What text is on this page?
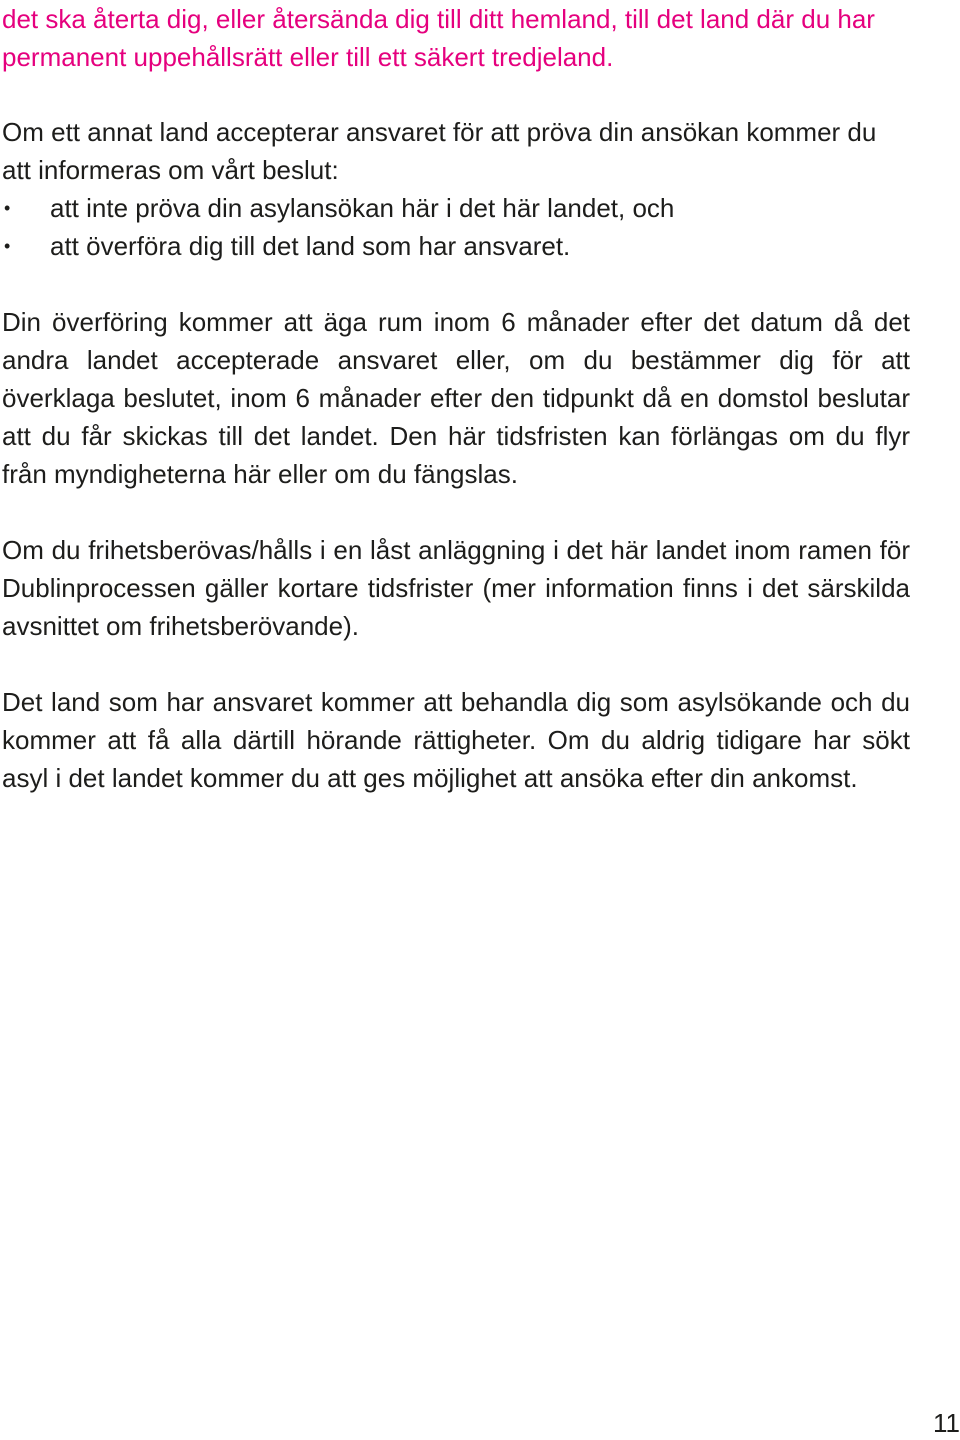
det ska återta dig, eller återsända dig till ditt hemland, till det land där du har permanent uppehållsrätt eller till ett säkert tredjeland.

Om ett annat land accepterar ansvaret för att pröva din ansökan kommer du att informeras om vårt beslut:

• att inte pröva din asylansökan här i det här landet, och
• att överföra dig till det land som har ansvaret.

Din överföring kommer att äga rum inom 6 månader efter det datum då det andra landet accepterade ansvaret eller, om du bestämmer dig för att överklaga beslutet, inom 6 månader efter den tidpunkt då en domstol beslutar att du får skickas till det landet. Den här tidsfristen kan förlängas om du flyr från myndigheterna här eller om du fängslas.

Om du frihetsberövas/hålls i en låst anläggning i det här landet inom ramen för Dublinprocessen gäller kortare tidsfrister (mer information finns i det särskilda avsnittet om frihetsberövande).

Det land som har ansvaret kommer att behandla dig som asylsökande och du kommer att få alla därtill hörande rättigheter. Om du aldrig tidigare har sökt asyl i det landet kommer du att ges möjlighet att ansöka efter din ankomst.

11
